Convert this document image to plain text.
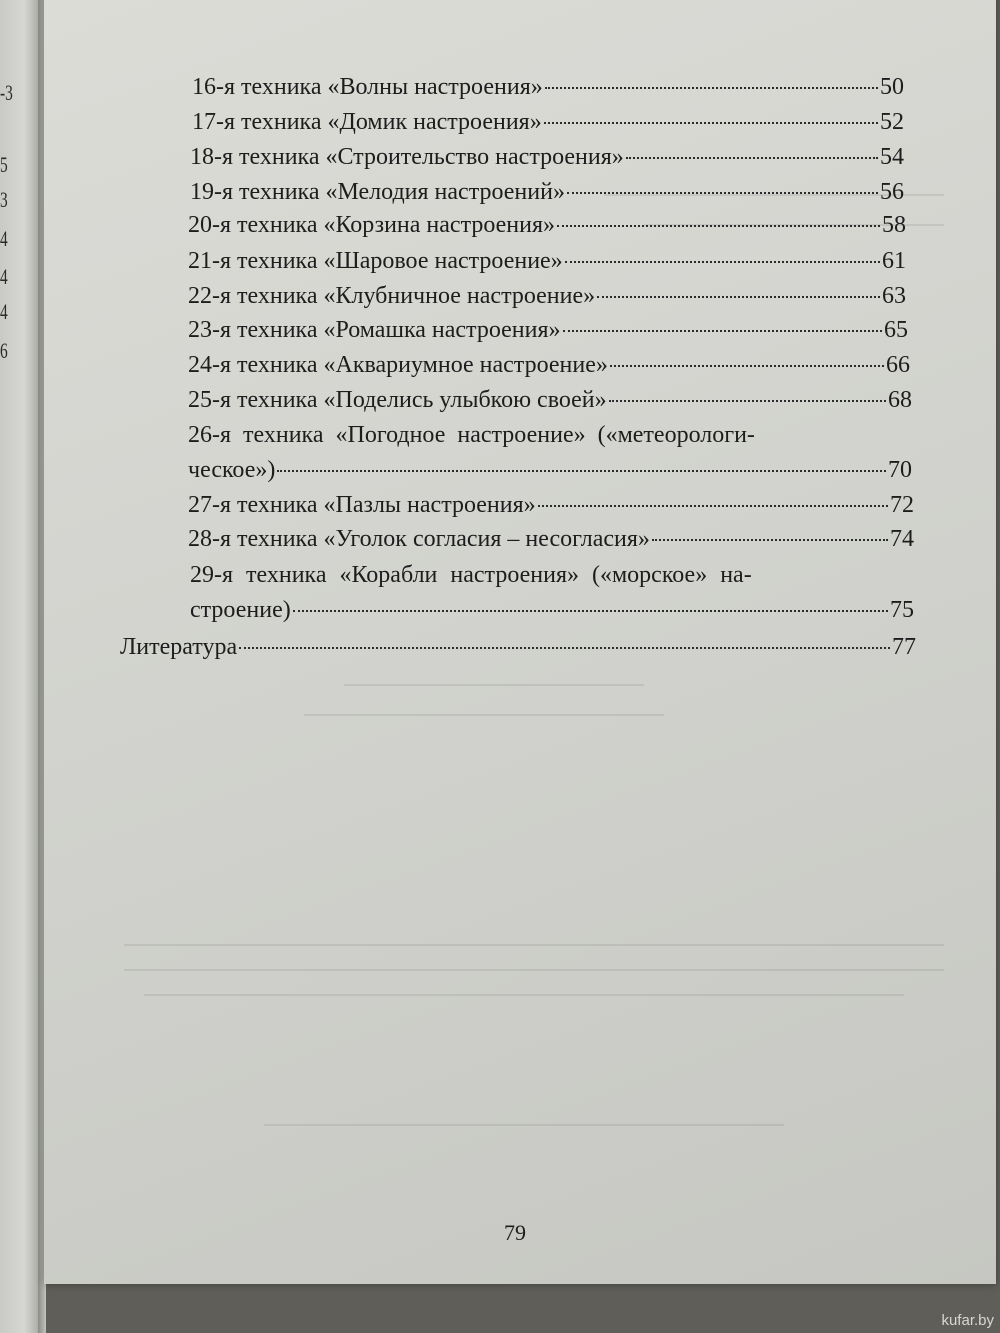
-3
5
3
4
4
4
6
16-я техника «Волны настроения»	50
17-я техника «Домик настроения»	52
18-я техника «Строительство настроения»	54
19-я техника «Мелодия настроений»	56
20-я техника «Корзина настроения»	58
21-я техника «Шаровое настроение»	61
22-я техника «Клубничное настроение»	63
23-я техника «Ромашка настроения»	65
24-я техника «Аквариумное настроение»	66
25-я техника «Поделись улыбкою своей»	68
26-я техника «Погодное настроение» («метеорологи-
ческое»)	70
27-я техника «Пазлы настроения»	72
28-я техника «Уголок согласия – несогласия»	74
29-я техника «Корабли настроения» («морское» на-
строение)	75
Литература	77
79
kufar.by
